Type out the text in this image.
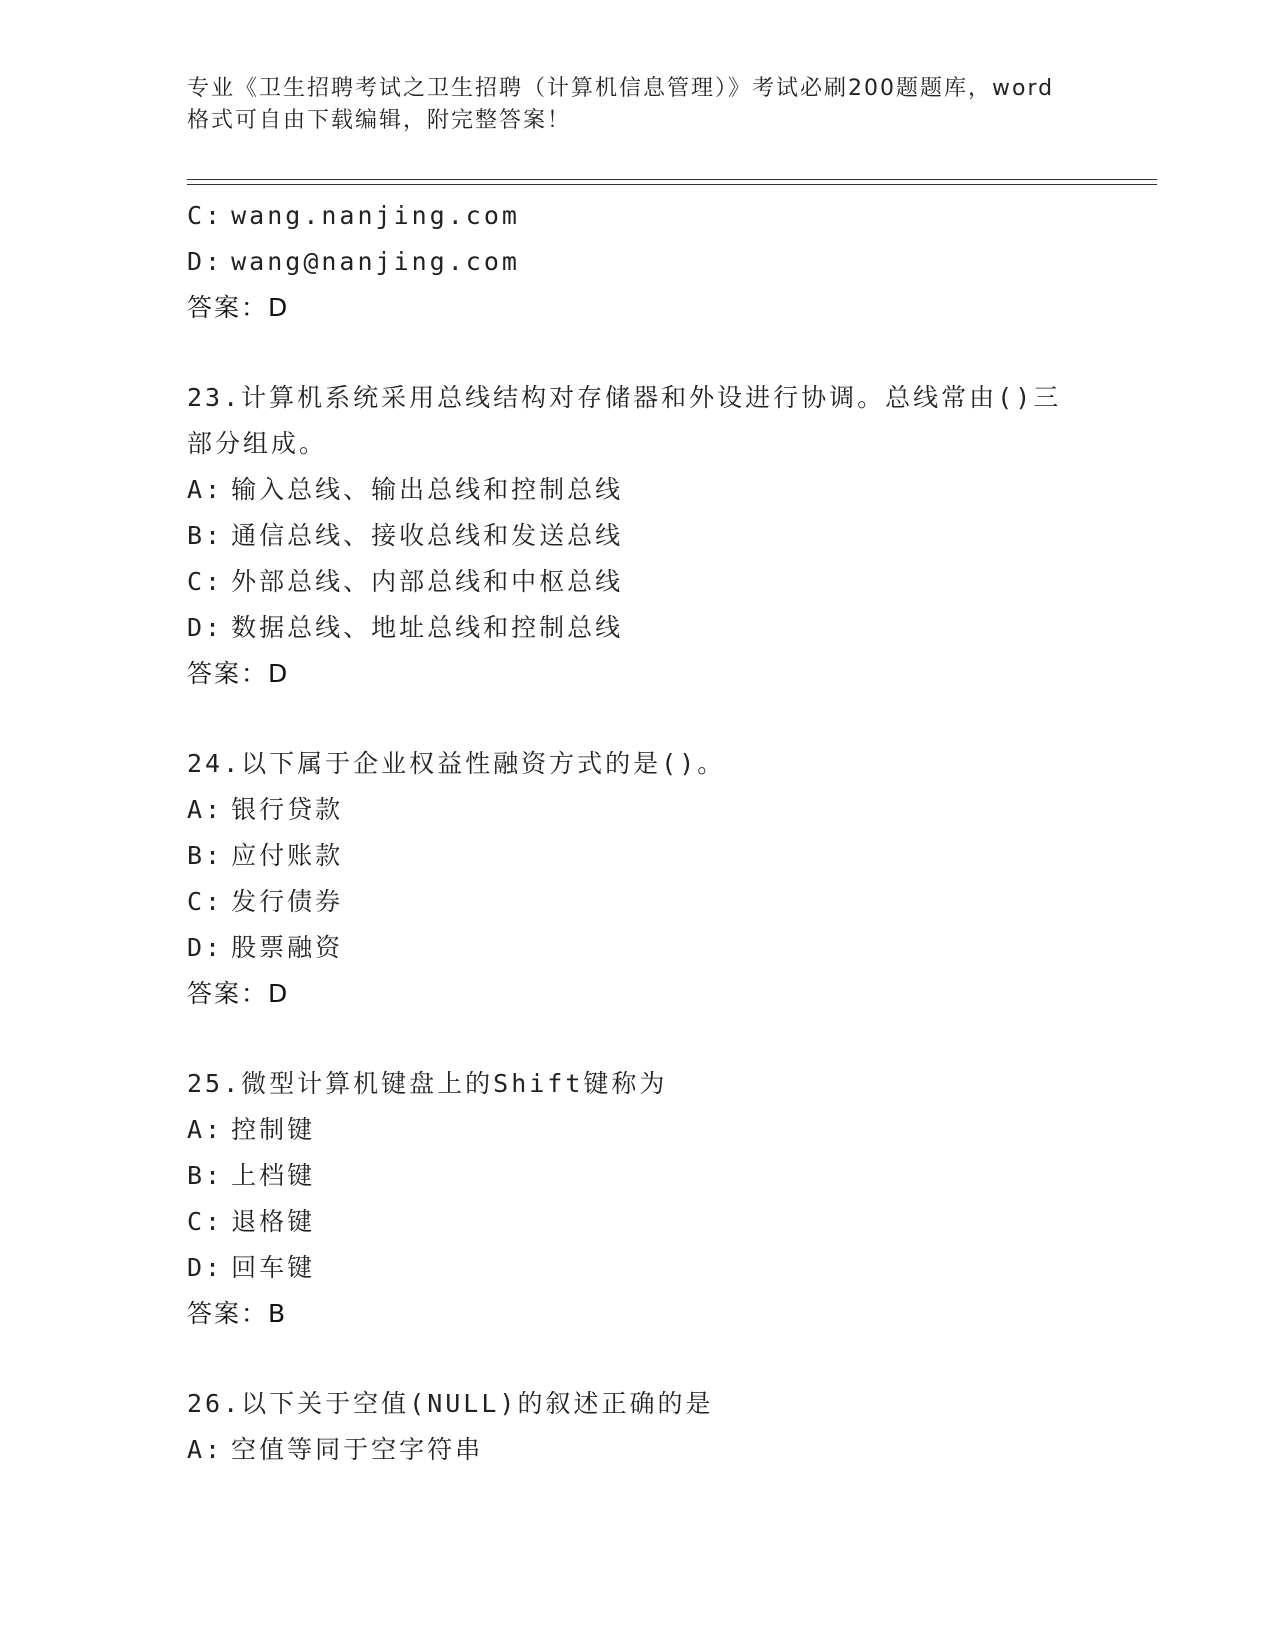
专业《卫生招聘考试之卫生招聘（计算机信息管理）》考试必刷200题题库，word
格式可自由下载编辑，附完整答案！
C: wang.nanjing.com
D: wang@nanjing.com
答案：D
23.计算机系统采用总线结构对存储器和外设进行协调。总线常由()三
部分组成。
A: 输入总线、输出总线和控制总线
B: 通信总线、接收总线和发送总线
C: 外部总线、内部总线和中枢总线
D: 数据总线、地址总线和控制总线
答案：D
24.以下属于企业权益性融资方式的是()。
A: 银行贷款
B: 应付账款
C: 发行债券
D: 股票融资
答案：D
25.微型计算机键盘上的Shift键称为
A: 控制键
B: 上档键
C: 退格键
D: 回车键
答案：B
26.以下关于空值(NULL)的叙述正确的是
A: 空值等同于空字符串
